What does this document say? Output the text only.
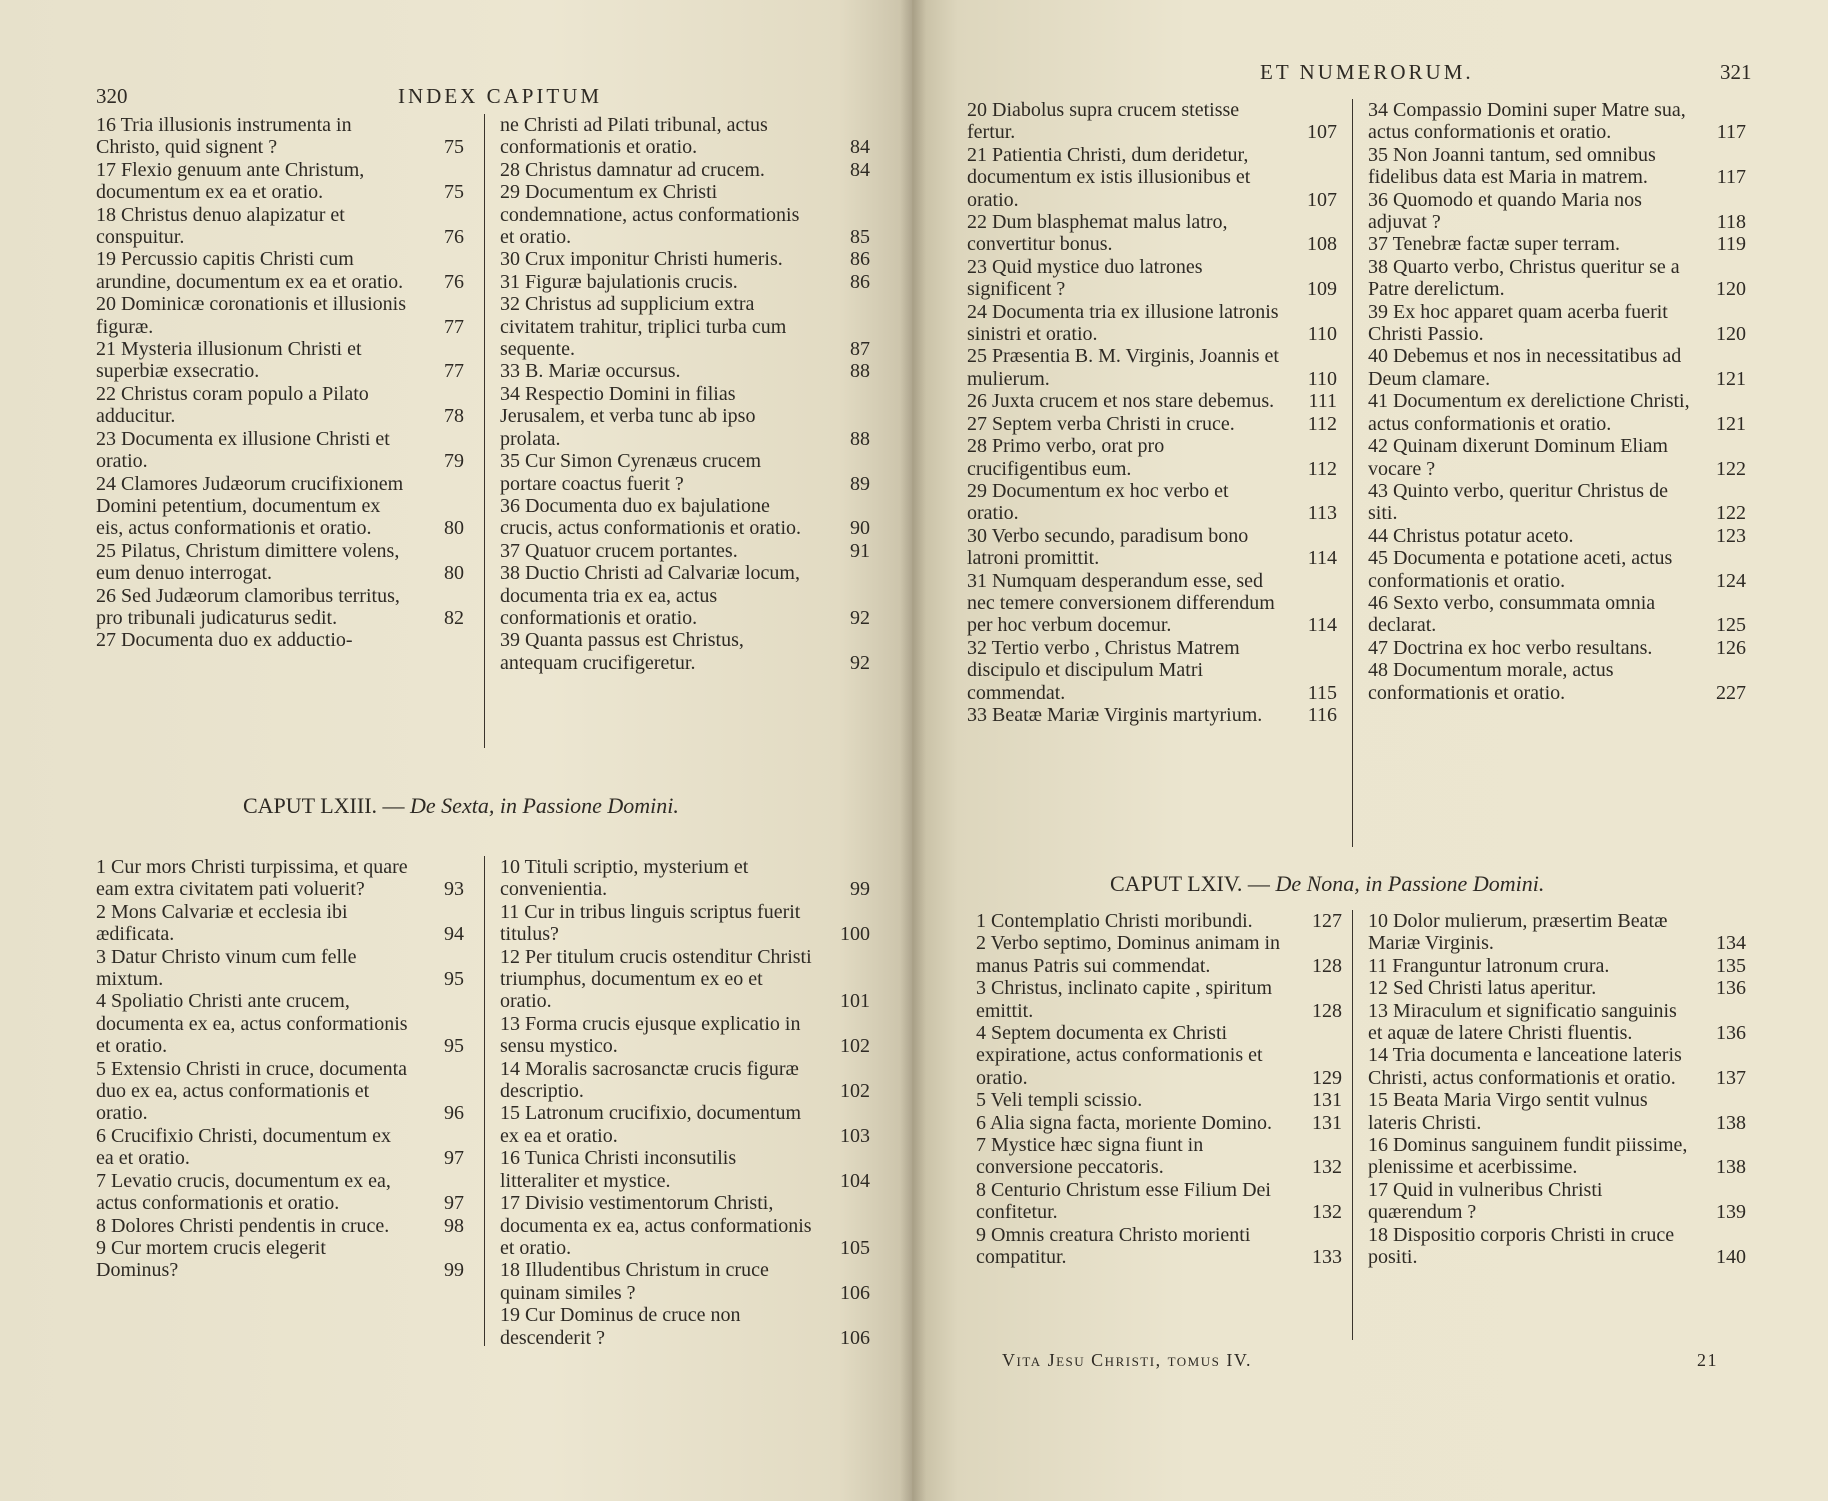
320	INDEX CAPITUM
16 Tria illusionis instrumenta in Christo, quid signent ?	75
17 Flexio genuum ante Christum, documentum ex ea et oratio.	75
18 Christus denuo alapizatur et conspuitur.	76
19 Percussio capitis Christi cum arundine, documentum ex ea et oratio.	76
20 Dominicæ coronationis et illusionis figuræ.	77
21 Mysteria illusionum Christi et superbiæ exsecratio.	77
22 Christus coram populo a Pilato adducitur.	78
23 Documenta ex illusione Christi et oratio.	79
24 Clamores Judæorum crucifixionem Domini petentium, documentum ex eis, actus conformationis et oratio.	80
25 Pilatus, Christum dimittere volens, eum denuo interrogat.	80
26 Sed Judæorum clamoribus territus, pro tribunali judicaturus sedit.	82
27 Documenta duo ex adductio-
ne Christi ad Pilati tribunal, actus conformationis et oratio.	84
28 Christus damnatur ad crucem.	84
29 Documentum ex Christi condemnatione, actus conformationis et oratio.	85
30 Crux imponitur Christi humeris.	86
31 Figuræ bajulationis crucis.	86
32 Christus ad supplicium extra civitatem trahitur, triplici turba cum sequente.	87
33 B. Mariæ occursus.	88
34 Respectio Domini in filias Jerusalem, et verba tunc ab ipso prolata.	88
35 Cur Simon Cyrenæus crucem portare coactus fuerit ?	89
36 Documenta duo ex bajulatione crucis, actus conformationis et oratio.	90
37 Quatuor crucem portantes.	91
38 Ductio Christi ad Calvariæ locum, documenta tria ex ea, actus conformationis et oratio.	92
39 Quanta passus est Christus, antequam crucifigeretur.	92
CAPUT LXIII. — De Sexta, in Passione Domini.
1 Cur mors Christi turpissima, et quare eam extra civitatem pati voluerit?	93
2 Mons Calvariæ et ecclesia ibi ædificata.	94
3 Datur Christo vinum cum felle mixtum.	95
4 Spoliatio Christi ante crucem, documenta ex ea, actus conformationis et oratio.	95
5 Extensio Christi in cruce, documenta duo ex ea, actus conformationis et oratio.	96
6 Crucifixio Christi, documentum ex ea et oratio.	97
7 Levatio crucis, documentum ex ea, actus conformationis et oratio.	97
8 Dolores Christi pendentis in cruce.	98
9 Cur mortem crucis elegerit Dominus?	99
10 Tituli scriptio, mysterium et convenientia.	99
11 Cur in tribus linguis scriptus fuerit titulus?	100
12 Per titulum crucis ostenditur Christi triumphus, documentum ex eo et oratio.	101
13 Forma crucis ejusque explicatio in sensu mystico.	102
14 Moralis sacrosanctæ crucis figuræ descriptio.	102
15 Latronum crucifixio, documentum ex ea et oratio.	103
16 Tunica Christi inconsutilis litteraliter et mystice.	104
17 Divisio vestimentorum Christi, documenta ex ea, actus conformationis et oratio.	105
18 Illudentibus Christum in cruce quinam similes ?	106
19 Cur Dominus de cruce non descenderit ?	106
ET NUMERORUM.	321
20 Diabolus supra crucem stetisse fertur.	107
21 Patientia Christi, dum deridetur, documentum ex istis illusionibus et oratio.	107
22 Dum blasphemat malus latro, convertitur bonus.	108
23 Quid mystice duo latrones significent ?	109
24 Documenta tria ex illusione latronis sinistri et oratio.	110
25 Præsentia B. M. Virginis, Joannis et mulierum.	110
26 Juxta crucem et nos stare debemus.	111
27 Septem verba Christi in cruce.	112
28 Primo verbo, orat pro crucifigentibus eum.	112
29 Documentum ex hoc verbo et oratio.	113
30 Verbo secundo, paradisum bono latroni promittit.	114
31 Numquam desperandum esse, sed nec temere conversionem differendum per hoc verbum docemur.	114
32 Tertio verbo , Christus Matrem discipulo et discipulum Matri commendat.	115
33 Beatæ Mariæ Virginis martyrium.	116
34 Compassio Domini super Matre sua, actus conformationis et oratio.	117
35 Non Joanni tantum, sed omnibus fidelibus data est Maria in matrem.	117
36 Quomodo et quando Maria nos adjuvat ?	118
37 Tenebræ factæ super terram.	119
38 Quarto verbo, Christus queritur se a Patre derelictum.	120
39 Ex hoc apparet quam acerba fuerit Christi Passio.	120
40 Debemus et nos in necessitatibus ad Deum clamare.	121
41 Documentum ex derelictione Christi, actus conformationis et oratio.	121
42 Quinam dixerunt Dominum Eliam vocare ?	122
43 Quinto verbo, queritur Christus de siti.	122
44 Christus potatur aceto.	123
45 Documenta e potatione aceti, actus conformationis et oratio.	124
46 Sexto verbo, consummata omnia declarat.	125
47 Doctrina ex hoc verbo resultans.	126
48 Documentum morale, actus conformationis et oratio.	227
CAPUT LXIV. — De Nona, in Passione Domini.
1 Contemplatio Christi moribundi.	127
2 Verbo septimo, Dominus animam in manus Patris sui commendat.	128
3 Christus, inclinato capite , spiritum emittit.	128
4 Septem documenta ex Christi expiratione, actus conformationis et oratio.	129
5 Veli templi scissio.	131
6 Alia signa facta, moriente Domino.	131
7 Mystice hæc signa fiunt in conversione peccatoris.	132
8 Centurio Christum esse Filium Dei confitetur.	132
9 Omnis creatura Christo morienti compatitur.	133
10 Dolor mulierum, præsertim Beatæ Mariæ Virginis.	134
11 Franguntur latronum crura.	135
12 Sed Christi latus aperitur.	136
13 Miraculum et significatio sanguinis et aquæ de latere Christi fluentis.	136
14 Tria documenta e lanceatione lateris Christi, actus conformationis et oratio.	137
15 Beata Maria Virgo sentit vulnus lateris Christi.	138
16 Dominus sanguinem fundit piissime, plenissime et acerbissime.	138
17 Quid in vulneribus Christi quærendum ?	139
18 Dispositio corporis Christi in cruce positi.	140
Vita Jesu Christi, tomus IV.	21
